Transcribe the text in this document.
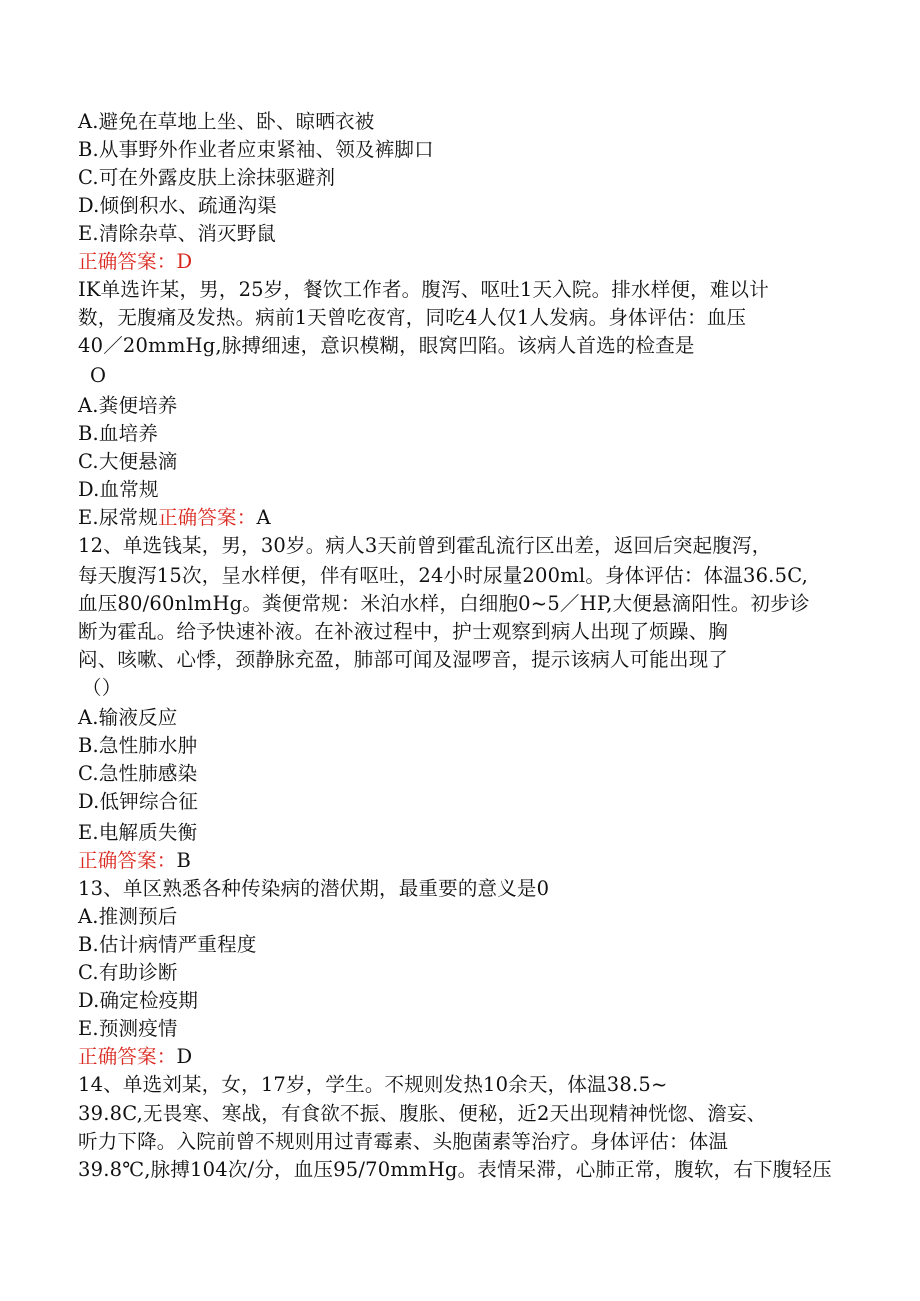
A.避免在草地上坐、卧、晾晒衣被
B.从事野外作业者应束紧袖、领及裤脚口
C.可在外露皮肤上涂抹驱避剂
D.倾倒积水、疏通沟渠
E.清除杂草、消灭野鼠
正确答案：D
IK单选许某，男，25岁，餐饮工作者。腹泻、呕吐1天入院。排水样便，难以计
数，无腹痛及发热。病前1天曾吃夜宵，同吃4人仅1人发病。身体评估：血压
40／20mmHg,脉搏细速，意识模糊，眼窝凹陷。该病人首选的检查是
O
A.粪便培养
B.血培养
C.大便悬滴
D.血常规
E.尿常规正确答案：A
12、单选钱某，男，30岁。病人3天前曾到霍乱流行区出差，返回后突起腹泻，
每天腹泻15次，呈水样便，伴有呕吐，24小时尿量200ml。身体评估：体温36.5C,
血压80/60nlmHg。粪便常规：米泊水样，白细胞0~5／HP,大便悬滴阳性。初步诊
断为霍乱。给予快速补液。在补液过程中，护士观察到病人出现了烦躁、胸
闷、咳嗽、心悸，颈静脉充盈，肺部可闻及湿啰音，提示该病人可能出现了
（）
A.输液反应
B.急性肺水肿
C.急性肺感染
D.低钾综合征
E.电解质失衡
正确答案：B
13、单区熟悉各种传染病的潜伏期，最重要的意义是0
A.推测预后
B.估计病情严重程度
C.有助诊断
D.确定检疫期
E.预测疫情
正确答案：D
14、单选刘某，女，17岁，学生。不规则发热10余天，体温38.5~
39.8C,无畏寒、寒战，有食欲不振、腹胀、便秘，近2天出现精神恍惚、澹妄、
听力下降。入院前曾不规则用过青霉素、头胞菌素等治疗。身体评估：体温
39.8℃,脉搏104次/分，血压95/70mmHg。表情呆滞，心肺正常，腹软，右下腹轻压
